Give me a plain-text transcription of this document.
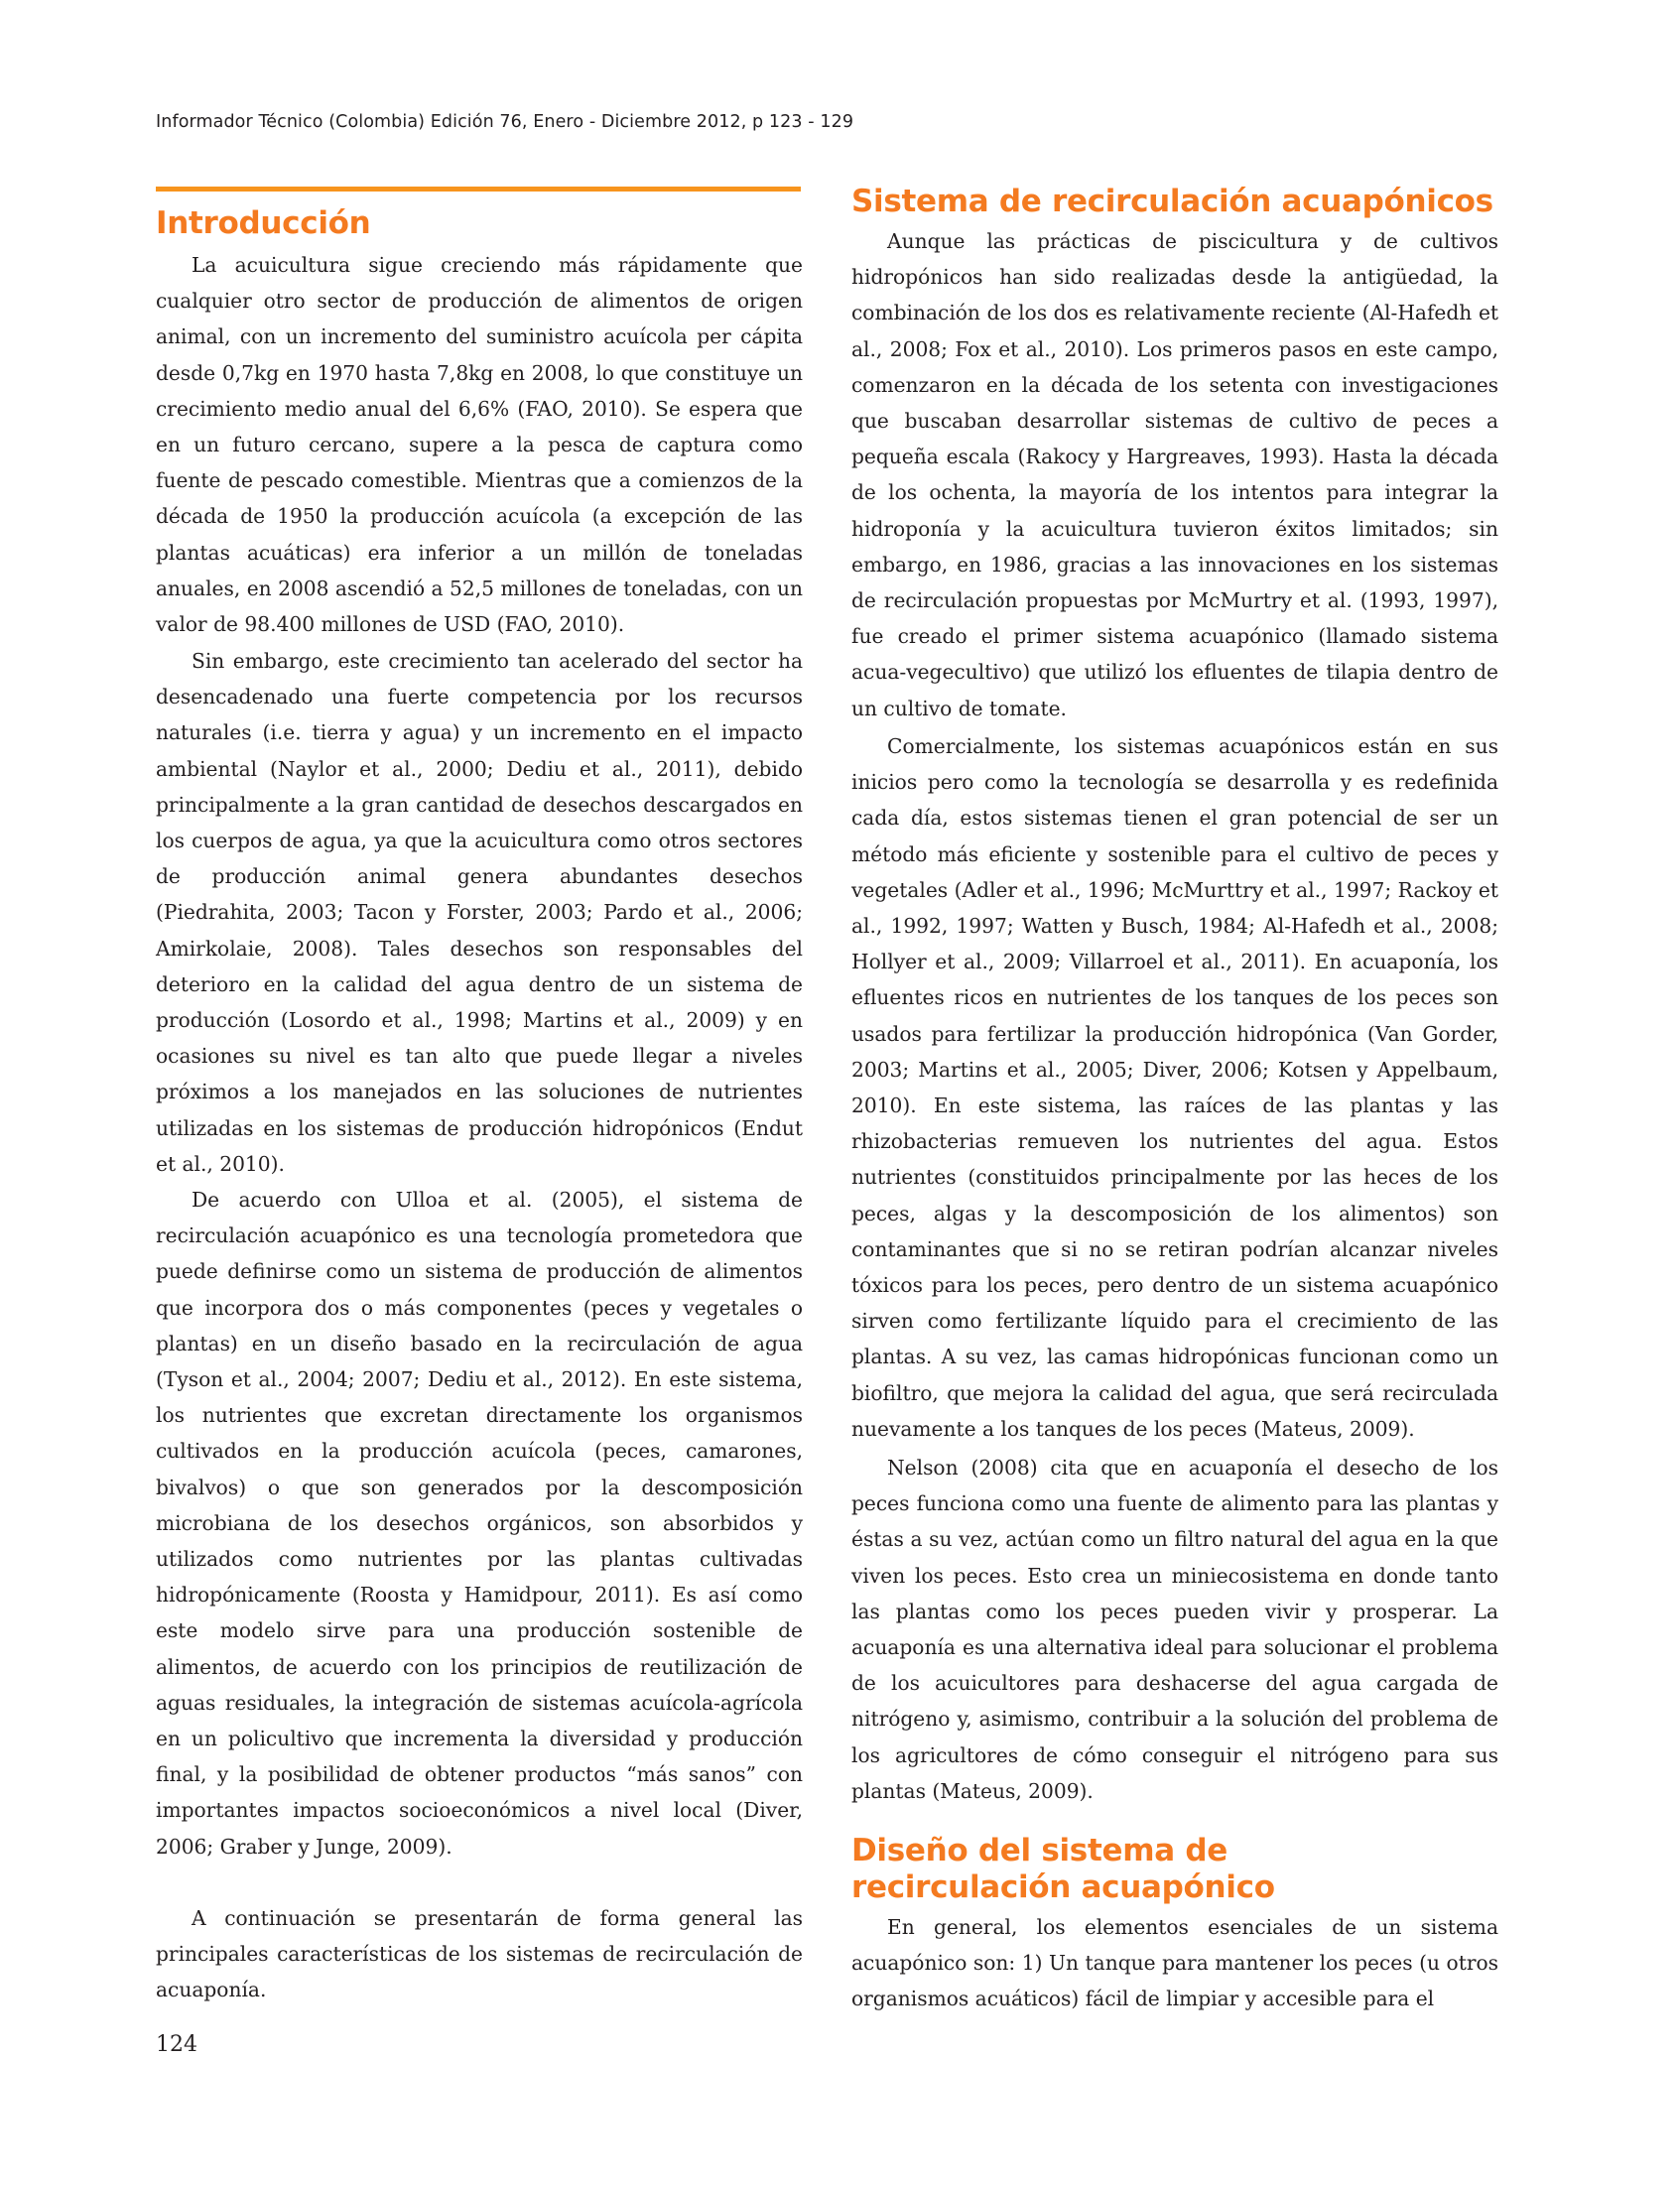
Informador Técnico (Colombia) Edición 76, Enero - Diciembre 2012, p 123 - 129
Introducción

La acuicultura sigue creciendo más rápidamente que cualquier otro sector de producción de alimentos de origen animal, con un incremento del suministro acuícola per cápita desde 0,7kg en 1970 hasta 7,8kg en 2008, lo que constituye un crecimiento medio anual del 6,6% (FAO, 2010). Se espera que en un futuro cercano, supere a la pesca de captura como fuente de pescado comestible. Mientras que a comienzos de la década de 1950 la producción acuícola (a excepción de las plantas acuáticas) era inferior a un millón de toneladas anuales, en 2008 ascendió a 52,5 millones de toneladas, con un valor de 98.400 millones de USD (FAO, 2010).

Sin embargo, este crecimiento tan acelerado del sector ha desencadenado una fuerte competencia por los recursos naturales (i.e. tierra y agua) y un incremento en el impacto ambiental (Naylor et al., 2000; Dediu et al., 2011), debido principalmente a la gran cantidad de desechos descargados en los cuerpos de agua, ya que la acuicultura como otros sectores de producción animal genera abundantes desechos (Piedrahita, 2003; Tacon y Forster, 2003; Pardo et al., 2006; Amirkolaie, 2008). Tales desechos son responsables del deterioro en la calidad del agua dentro de un sistema de producción (Losordo et al., 1998; Martins et al., 2009) y en ocasiones su nivel es tan alto que puede llegar a niveles próximos a los manejados en las soluciones de nutrientes utilizadas en los sistemas de producción hidropónicos (Endut et al., 2010).

De acuerdo con Ulloa et al. (2005), el sistema de recirculación acuapónico es una tecnología prometedora que puede definirse como un sistema de producción de alimentos que incorpora dos o más componentes (peces y vegetales o plantas) en un diseño basado en la recirculación de agua (Tyson et al., 2004; 2007; Dediu et al., 2012). En este sistema, los nutrientes que excretan directamente los organismos cultivados en la producción acuícola (peces, camarones, bivalvos) o que son generados por la descomposición microbiana de los desechos orgánicos, son absorbidos y utilizados como nutrientes por las plantas cultivadas hidropónicamente (Roosta y Hamidpour, 2011). Es así como este modelo sirve para una producción sostenible de alimentos, de acuerdo con los principios de reutilización de aguas residuales, la integración de sistemas acuícola-agrícola en un policultivo que incrementa la diversidad y producción final, y la posibilidad de obtener productos “más sanos” con importantes impactos socioeconómicos a nivel local (Diver, 2006; Graber y Junge, 2009).

A continuación se presentarán de forma general las principales características de los sistemas de recirculación de acuaponía.

Sistema de recirculación acuapónicos

Aunque las prácticas de piscicultura y de cultivos hidropónicos han sido realizadas desde la antigüedad, la combinación de los dos es relativamente reciente (Al-Hafedh et al., 2008; Fox et al., 2010). Los primeros pasos en este campo, comenzaron en la década de los setenta con investigaciones que buscaban desarrollar sistemas de cultivo de peces a pequeña escala (Rakocy y Hargreaves, 1993). Hasta la década de los ochenta, la mayoría de los intentos para integrar la hidroponía y la acuicultura tuvieron éxitos limitados; sin embargo, en 1986, gracias a las innovaciones en los sistemas de recirculación propuestas por McMurtry et al. (1993, 1997), fue creado el primer sistema acuapónico (llamado sistema acua-vegecultivo) que utilizó los efluentes de tilapia dentro de un cultivo de tomate.

Comercialmente, los sistemas acuapónicos están en sus inicios pero como la tecnología se desarrolla y es redefinida cada día, estos sistemas tienen el gran potencial de ser un método más eficiente y sostenible para el cultivo de peces y vegetales (Adler et al., 1996; McMurttry et al., 1997; Rackoy et al., 1992, 1997; Watten y Busch, 1984; Al-Hafedh et al., 2008; Hollyer et al., 2009; Villarroel et al., 2011). En acuaponía, los efluentes ricos en nutrientes de los tanques de los peces son usados para fertilizar la producción hidropónica (Van Gorder, 2003; Martins et al., 2005; Diver, 2006; Kotsen y Appelbaum, 2010). En este sistema, las raíces de las plantas y las rhizobacterias remueven los nutrientes del agua. Estos nutrientes (constituidos principalmente por las heces de los peces, algas y la descomposición de los alimentos) son contaminantes que si no se retiran podrían alcanzar niveles tóxicos para los peces, pero dentro de un sistema acuapónico sirven como fertilizante líquido para el crecimiento de las plantas. A su vez, las camas hidropónicas funcionan como un biofiltro, que mejora la calidad del agua, que será recirculada nuevamente a los tanques de los peces (Mateus, 2009).

Nelson (2008) cita que en acuaponía el desecho de los peces funciona como una fuente de alimento para las plantas y éstas a su vez, actúan como un filtro natural del agua en la que viven los peces. Esto crea un miniecosistema en donde tanto las plantas como los peces pueden vivir y prosperar. La acuaponía es una alternativa ideal para solucionar el problema de los acuicultores para deshacerse del agua cargada de nitrógeno y, asimismo, contribuir a la solución del problema de los agricultores de cómo conseguir el nitrógeno para sus plantas (Mateus, 2009).

Diseño del sistema de recirculación acuapónico

En general, los elementos esenciales de un sistema acuapónico son: 1) Un tanque para mantener los peces (u otros organismos acuáticos) fácil de limpiar y accesible para el

124
